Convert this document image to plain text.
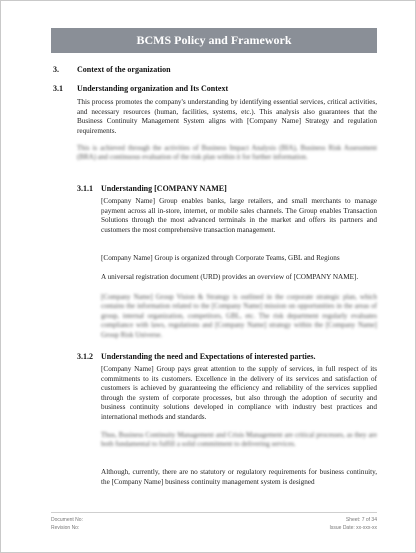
BCMS Policy and Framework
3. Context of the organization
3.1 Understanding organization and Its Context
This process promotes the company's understanding by identifying essential services, critical activities, and necessary resources (human, facilities, systems, etc.). This analysis also guarantees that the Business Continuity Management System aligns with [Company Name] Strategy and regulation requirements.
This is achieved through the activities of Business Impact Analysis (BIA), Business Risk Assessment (BRA) and continuous evaluation of the risk plan within it for further information.
3.1.1 Understanding [COMPANY NAME]
[Company Name] Group enables banks, large retailers, and small merchants to manage payment across all in-store, internet, or mobile sales channels. The Group enables Transaction Solutions through the most advanced terminals in the market and offers its partners and customers the most comprehensive transaction management.
[Company Name] Group is organized through Corporate Teams, GBL and Regions
A universal registration document (URD) provides an overview of [COMPANY NAME].
[Company Name] Group Vision & Strategy is outlined in the corporate strategic plan, which contains the information related to the [Company Name] mission on opportunities in the areas of group, internal organization, competitors, GBL, etc. The risk department regularly evaluates compliance with laws, regulations and [Company Name] strategy within the [Company Name] Group Risk Universe.
3.1.2 Understanding the need and Expectations of interested parties.
[Company Name] Group pays great attention to the supply of services, in full respect of its commitments to its customers. Excellence in the delivery of its services and satisfaction of customers is achieved by guaranteeing the efficiency and reliability of the services supplied through the system of corporate processes, but also through the adoption of security and business continuity solutions developed in compliance with industry best practices and international methods and standards.
Thus, Business Continuity Management and Crisis Management are critical processes, as they are both fundamental to fulfill a solid commitment to delivering services.
Although, currently, there are no statutory or regulatory requirements for business continuity, the [Company Name] business continuity management system is designed
Document No:
Revision No:
Sheet: 7 of 34
Issue Date: xx-xxx-xx
